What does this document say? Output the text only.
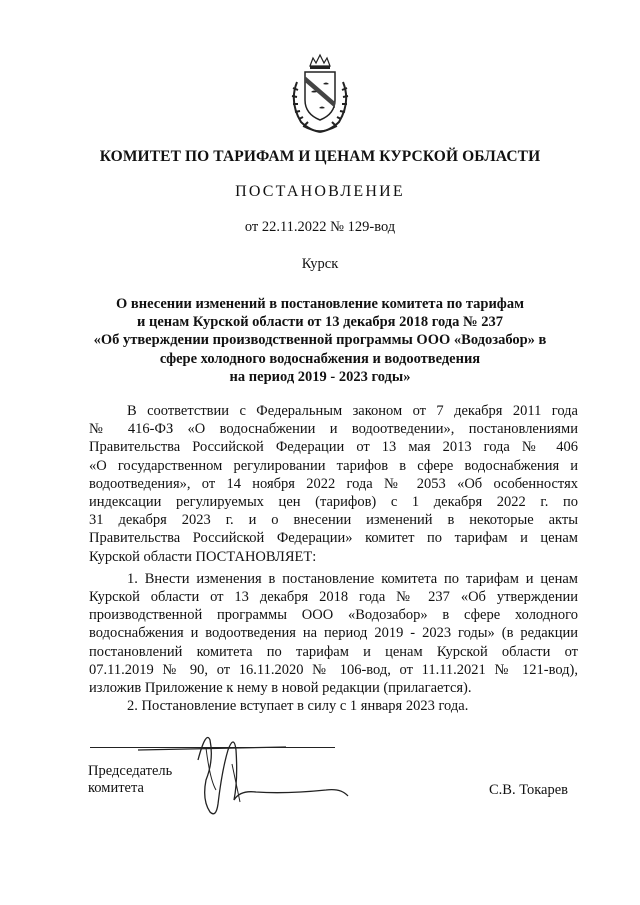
КОМИТЕТ ПО ТАРИФАМ И ЦЕНАМ КУРСКОЙ ОБЛАСТИ
ПОСТАНОВЛЕНИЕ
от 22.11.2022 № 129-вод
Курск
О внесении изменений в постановление комитета по тарифам
и ценам Курской области от 13 декабря 2018 года № 237
«Об утверждении производственной программы ООО «Водозабор» в
сфере холодного водоснабжения и водоотведения
на период 2019 - 2023 годы»
В соответствии с Федеральным законом от 7 декабря 2011 года
№ 416-ФЗ «О водоснабжении и водоотведении», постановлениями
Правительства Российской Федерации от 13 мая 2013 года № 406
«О государственном регулировании тарифов в сфере водоснабжения и
водоотведения», от 14 ноября 2022 года № 2053 «Об особенностях
индексации регулируемых цен (тарифов) с 1 декабря 2022 г. по
31 декабря 2023 г. и о внесении изменений в некоторые акты
Правительства Российской Федерации» комитет по тарифам и ценам
Курской области ПОСТАНОВЛЯЕТ:
1. Внести изменения в постановление комитета по тарифам и ценам
Курской области от 13 декабря 2018 года № 237 «Об утверждении
производственной программы ООО «Водозабор» в сфере холодного
водоснабжения и водоотведения на период 2019 - 2023 годы» (в редакции
постановлений комитета по тарифам и ценам Курской области от
07.11.2019 № 90, от 16.11.2020 № 106-вод, от 11.11.2021 № 121-вод),
изложив Приложение к нему в новой редакции (прилагается).
2. Постановление вступает в силу с 1 января 2023 года.
Председатель
комитета	С.В. Токарев
